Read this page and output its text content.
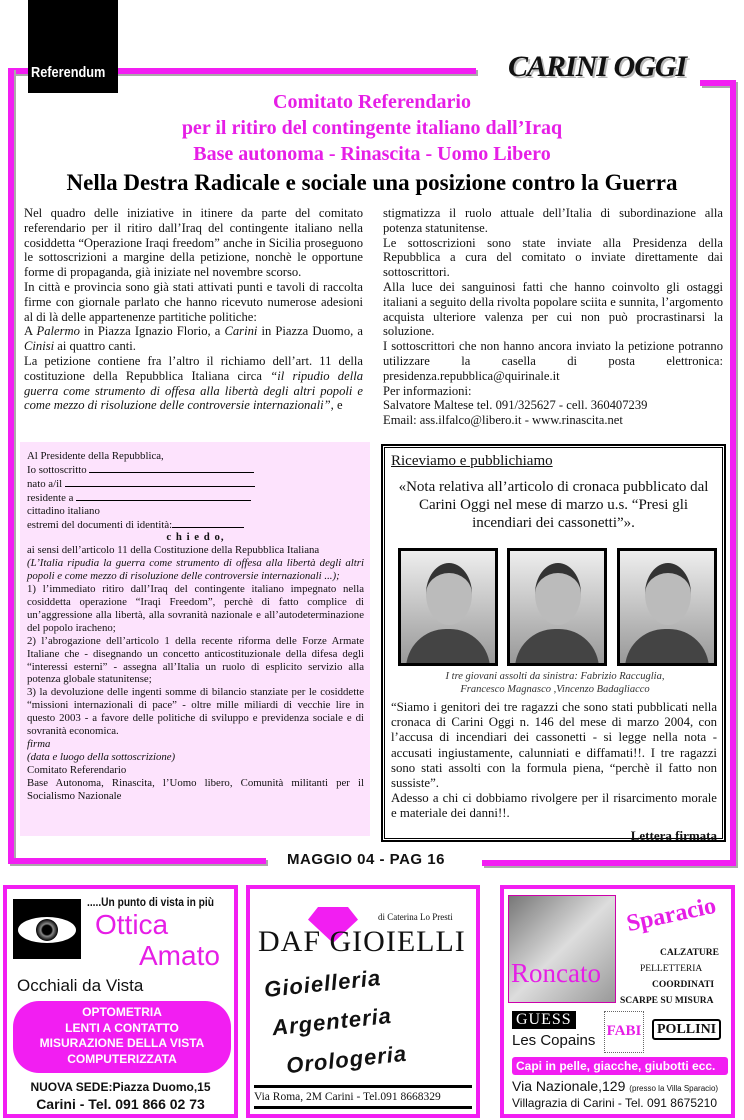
Referendum	CARINI OGGI
Comitato Referendario
per il ritiro del contingente italiano dall’Iraq
Base autonoma - Rinascita - Uomo Libero
Nella Destra Radicale e sociale una posizione contro la Guerra

Nel quadro delle iniziative in itinere da parte del comitato referendario per il ritiro dall’Iraq del contingente italiano nella cosiddetta “Operazione Iraqi freedom” anche in Sicilia proseguono le sottoscrizioni a margine della petizione, nonchè le opportune forme di propaganda, già iniziate nel novembre scorso.

In città e provincia sono già stati attivati punti e tavoli di raccolta firme con giornale parlato che hanno ricevuto numerose adesioni al di là delle appartenenze partitiche politiche:

A Palermo in Piazza Ignazio Florio, a Carini in Piazza Duomo, a Cinisi ai quattro canti.

La petizione contiene fra l’altro il richiamo dell’art. 11 della costituzione della Repubblica Italiana circa “il ripudio della guerra come strumento di offesa alla libertà degli altri popoli e come mezzo di risoluzione delle controversie internazionali”, e

stigmatizza il ruolo attuale dell’Italia di subordinazione alla potenza statunitense.

Le sottoscrizioni sono state inviate alla Presidenza della Repubblica a cura del comitato o inviate direttamente dai sottoscrittori.

Alla luce dei sanguinosi fatti che hanno coinvolto gli ostaggi italiani a seguito della rivolta popolare sciita e sunnita, l’argomento acquista ulteriore valenza per cui non può procrastinarsi la soluzione.

I sottoscrittori che non hanno ancora inviato la petizione potranno utilizzare la casella di posta elettronica: presidenza.repubblica@quirinale.it

Per informazioni:

Salvatore Maltese tel. 091/325627 - cell. 360407239

Email: ass.ilfalco@libero.it - www.rinascita.net

Al Presidente della Repubblica,
Io sottoscritto
nato a/il
residente a
cittadino italiano
estremi del documenti di identità:
c h i e d o,
ai sensi dell’articolo 11 della Costituzione della Repubblica Italiana
(L’Italia ripudia la guerra come strumento di offesa alla libertà degli altri popoli e come mezzo di risoluzione delle controversie internazionali ...);
1) l’immediato ritiro dall’Iraq del contingente italiano impegnato nella cosiddetta operazione “Iraqi Freedom”, perchè di fatto complice di un’aggressione alla libertà, alla sovranità nazionale e all’autodeterminazione del popolo iracheno;
2) l’abrogazione dell’articolo 1 della recente riforma delle Forze Armate Italiane che - disegnando un concetto anticostituzionale della difesa degli “interessi esterni” - assegna all’Italia un ruolo di esplicito servizio alla potenza globale statunitense;
3) la devoluzione delle ingenti somme di bilancio stanziate per le cosiddette “missioni internazionali di pace” - oltre mille miliardi di vecchie lire in questo 2003 - a favore delle politiche di sviluppo e previdenza sociale e di sovranità economica.
firma
(data e luogo della sottoscrizione)
Comitato Referendario
Base Autonoma, Rinascita, l’Uomo libero, Comunità militanti per il Socialismo Nazionale
Riceviamo e pubblichiamo
«Nota relativa all’articolo di cronaca pubblicato dal Carini Oggi nel mese di marzo u.s. “Presi gli incendiari dei cassonetti”».
I tre giovani assolti da sinistra: Fabrizio Raccuglia, Francesco Magnasco ,Vincenzo Badagliacco
“Siamo i genitori dei tre ragazzi che sono stati pubblicati nella cronaca di Carini Oggi n. 146 del mese di marzo 2004, con l’accusa di incendiari dei cassonetti - si legge nella nota - accusati ingiustamente, calunniati e diffamati!!. I tre ragazzi sono stati assolti con la formula piena, “perchè il fatto non sussiste”.
Adesso a chi ci dobbiamo rivolgere per il risarcimento morale e materiale dei danni!!.
Lettera firmata
MAGGIO 04 - PAG 16
.....Un punto di vista in più
Ottica
Amato
Occhiali da Vista
OPTOMETRIA
LENTI A CONTATTO
MISURAZIONE DELLA VISTA
COMPUTERIZZATA
NUOVA SEDE:Piazza Duomo,15
Carini - Tel. 091 866 02 73
di Caterina Lo Presti
DAF GIOIELLI
Gioielleria
Argenteria
Orologeria
Via Roma, 2M Carini - Tel.091 8668329
Roncato
Sparacio
CALZATURE
PELLETTERIA
COORDINATI
SCARPE SU MISURA
GUESS
Les Copains
FABI	POLLINI
Capi in pelle, giacche, giubotti ecc.
Via Nazionale,129 (presso la Villa Sparacio)
Villagrazia di Carini - Tel. 091 8675210
